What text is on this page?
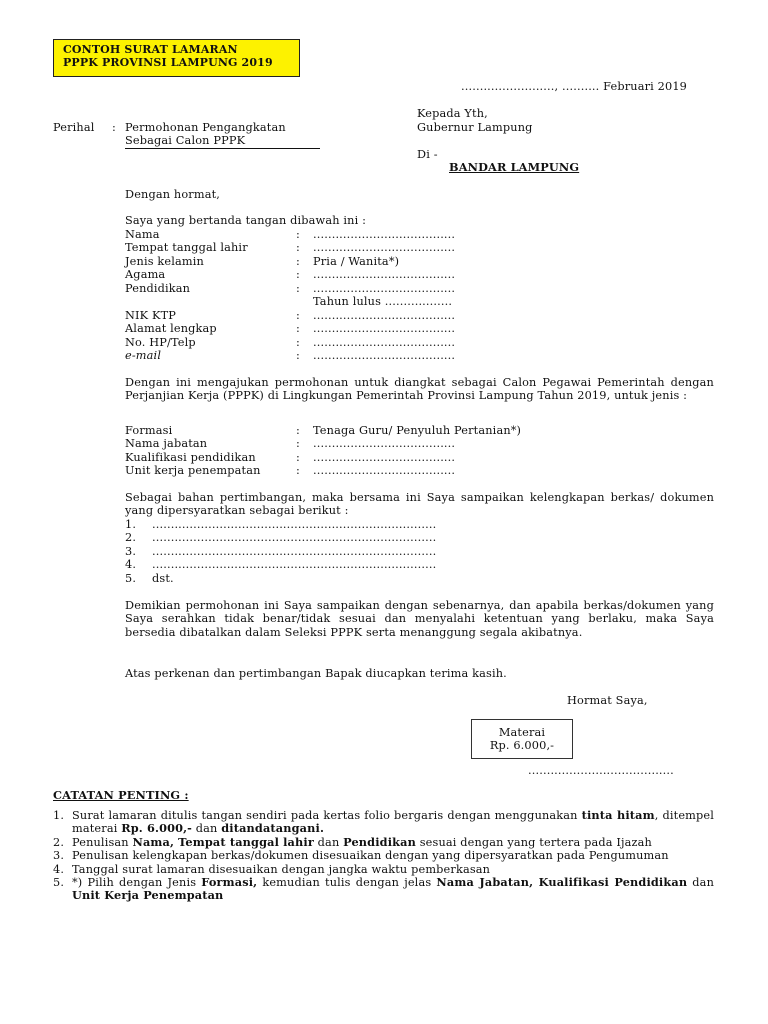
CONTOH SURAT LAMARAN
PPPK PROVINSI LAMPUNG 2019
........................., .......... Februari 2019
Kepada Yth,
Gubernur Lampung
Di -
BANDAR LAMPUNG
Perihal : Permohonan Pengangkatan
Sebagai Calon PPPK
Dengan hormat,
Saya yang bertanda tangan dibawah ini :
Nama	: ......................................
Tempat tanggal lahir	: ......................................
Jenis kelamin	: Pria / Wanita*)
Agama	: ......................................
Pendidikan	: ......................................
Tahun lulus ..................
NIK KTP	: ......................................
Alamat lengkap	: ......................................
No. HP/Telp	: ......................................
e-mail	: ......................................
Dengan ini mengajukan permohonan untuk diangkat sebagai Calon Pegawai Pemerintah dengan Perjanjian Kerja (PPPK) di Lingkungan Pemerintah Provinsi Lampung Tahun 2019, untuk jenis :
Formasi	: Tenaga Guru/ Penyuluh Pertanian*)
Nama jabatan	: ......................................
Kualifikasi pendidikan	: ......................................
Unit kerja penempatan	: ......................................
Sebagai bahan pertimbangan, maka bersama ini Saya sampaikan kelengkapan berkas/ dokumen yang dipersyaratkan sebagai berikut :
1. ............................................................................
2. ............................................................................
3. ............................................................................
4. ............................................................................
5. dst.
Demikian permohonan ini Saya sampaikan dengan sebenarnya, dan apabila berkas/dokumen yang Saya serahkan tidak benar/tidak sesuai dan menyalahi ketentuan yang berlaku, maka Saya bersedia dibatalkan dalam Seleksi PPPK serta menanggung segala akibatnya.
Atas perkenan dan pertimbangan Bapak diucapkan terima kasih.
Hormat Saya,
Materai
Rp. 6.000,-
.......................................
CATATAN PENTING :
1. Surat lamaran ditulis tangan sendiri pada kertas folio bergaris dengan menggunakan tinta hitam, ditempel materai Rp. 6.000,- dan ditandatangani.
2. Penulisan Nama, Tempat tanggal lahir dan Pendidikan sesuai dengan yang tertera pada Ijazah
3. Penulisan kelengkapan berkas/dokumen disesuaikan dengan yang dipersyaratkan pada Pengumuman
4. Tanggal surat lamaran disesuaikan dengan jangka waktu pemberkasan
5. *) Pilih dengan Jenis Formasi, kemudian tulis dengan jelas Nama Jabatan, Kualifikasi Pendidikan dan Unit Kerja Penempatan
